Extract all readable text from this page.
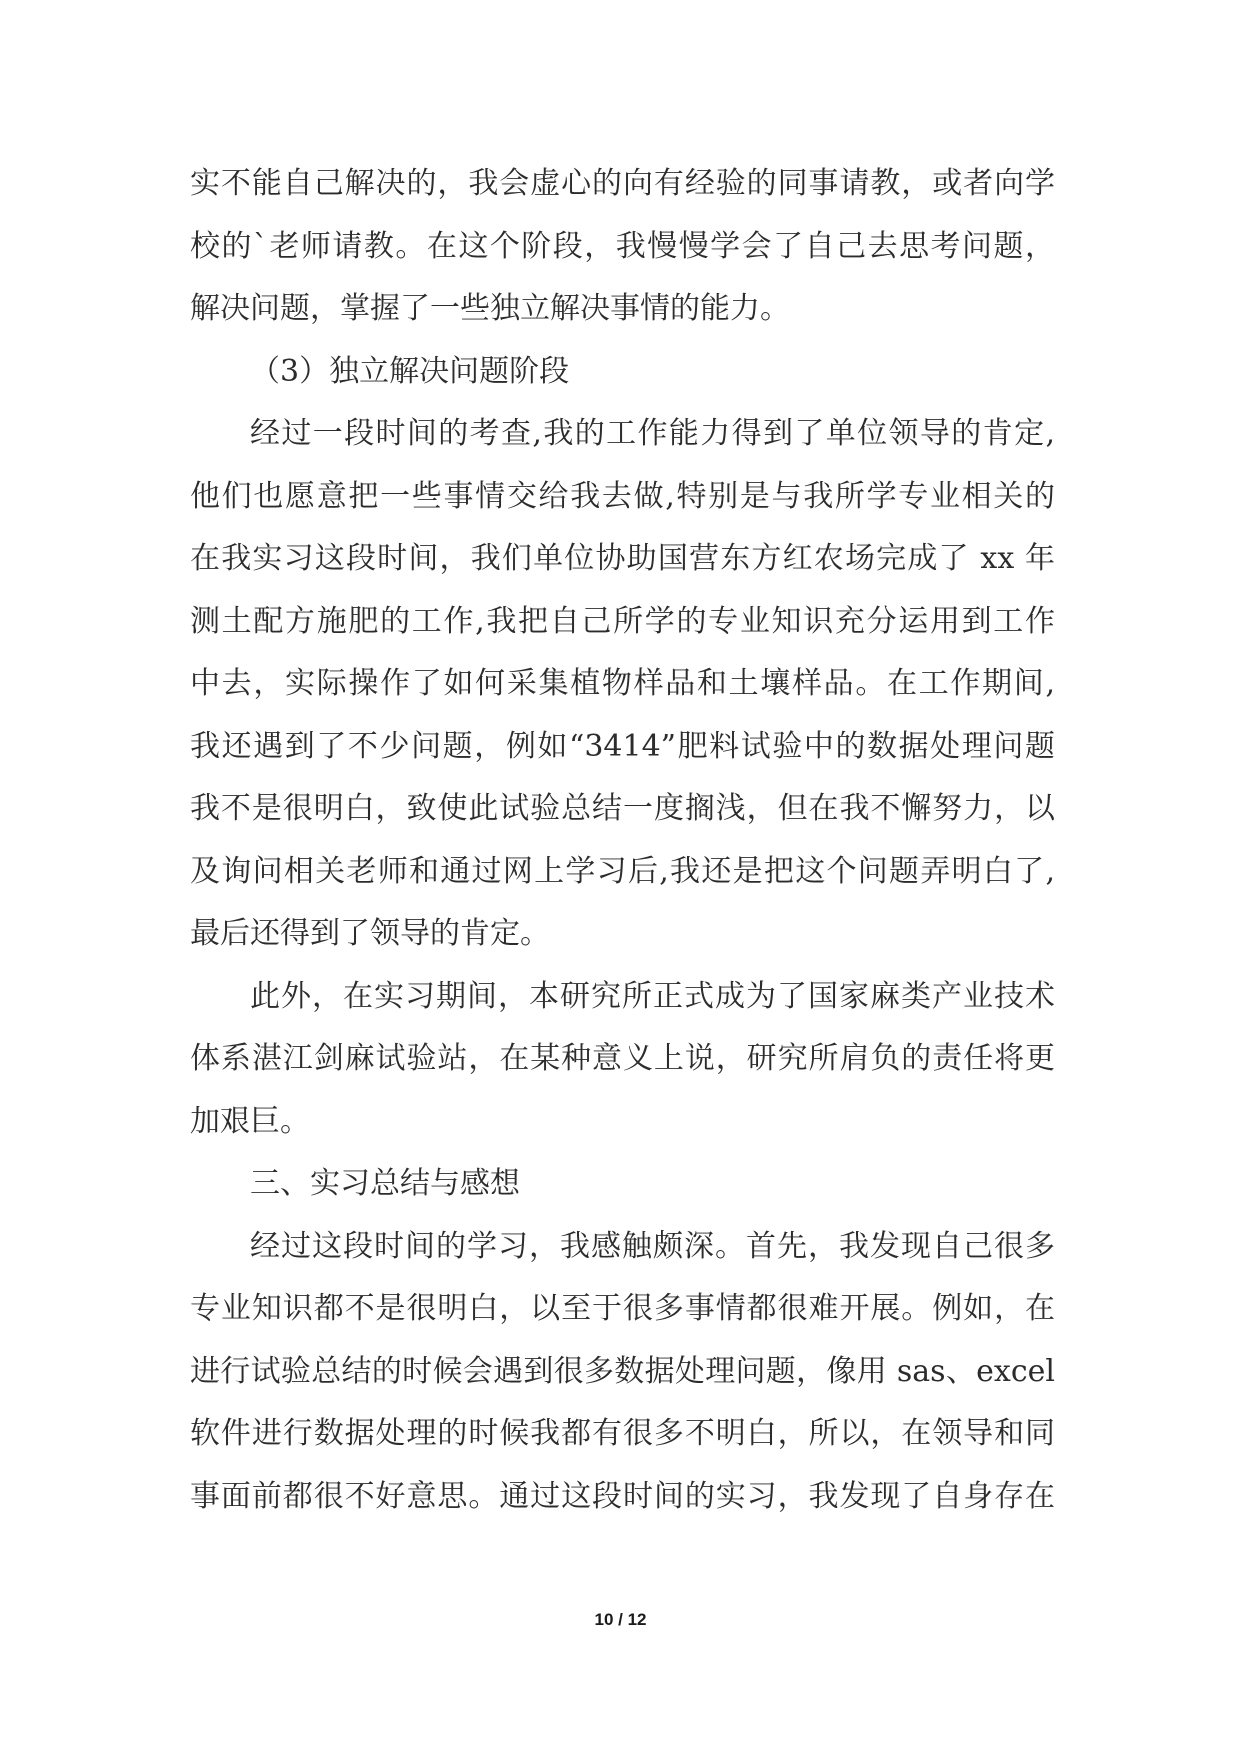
实不能自己解决的，我会虚心的向有经验的同事请教，或者向学
校的`老师请教。在这个阶段，我慢慢学会了自己去思考问题，
解决问题，掌握了一些独立解决事情的能力。
（3）独立解决问题阶段
经过一段时间的考查,我的工作能力得到了单位领导的肯定,
他们也愿意把一些事情交给我去做,特别是与我所学专业相关的
在我实习这段时间，我们单位协助国营东方红农场完成了 xx 年
测土配方施肥的工作,我把自己所学的专业知识充分运用到工作
中去，实际操作了如何采集植物样品和土壤样品。在工作期间,
我还遇到了不少问题，例如“3414”肥料试验中的数据处理问题
我不是很明白，致使此试验总结一度搁浅，但在我不懈努力，以
及询问相关老师和通过网上学习后,我还是把这个问题弄明白了,
最后还得到了领导的肯定。
此外，在实习期间，本研究所正式成为了国家麻类产业技术
体系湛江剑麻试验站，在某种意义上说，研究所肩负的责任将更
加艰巨。
三、实习总结与感想
经过这段时间的学习，我感触颇深。首先，我发现自己很多
专业知识都不是很明白，以至于很多事情都很难开展。例如，在
进行试验总结的时候会遇到很多数据处理问题，像用 sas、excel
软件进行数据处理的时候我都有很多不明白，所以，在领导和同
事面前都很不好意思。通过这段时间的实习，我发现了自身存在
10 / 12
